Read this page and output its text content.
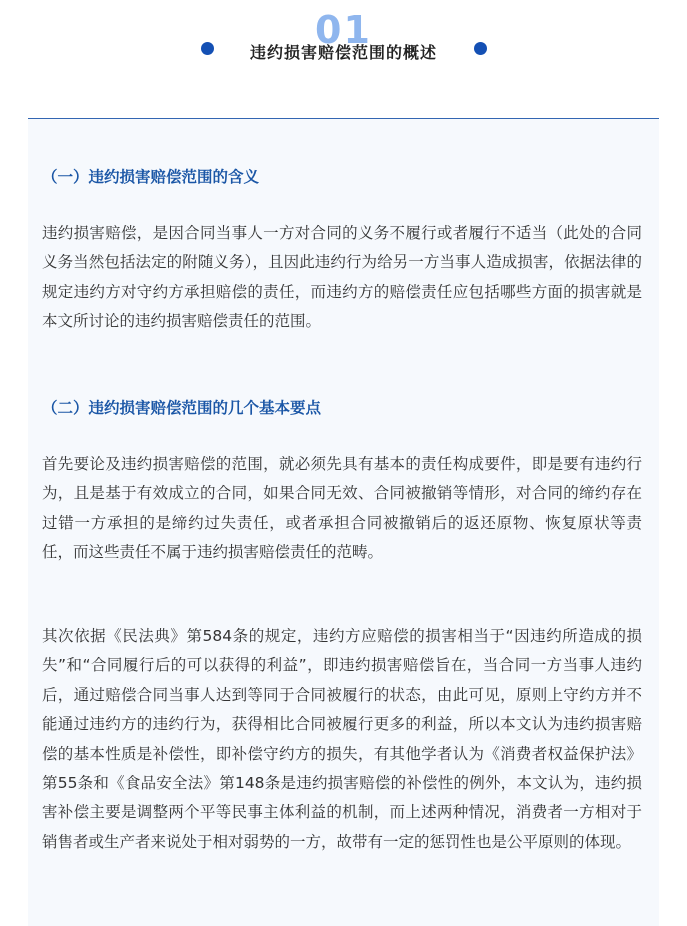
01
违约损害赔偿范围的概述
（一）违约损害赔偿范围的含义

违约损害赔偿，是因合同当事人一方对合同的义务不履行或者履行不适当（此处的合同义务当然包括法定的附随义务），且因此违约行为给另一方当事人造成损害，依据法律的规定违约方对守约方承担赔偿的责任，而违约方的赔偿责任应包括哪些方面的损害就是本文所讨论的违约损害赔偿责任的范围。

（二）违约损害赔偿范围的几个基本要点

首先要论及违约损害赔偿的范围，就必须先具有基本的责任构成要件，即是要有违约行为，且是基于有效成立的合同，如果合同无效、合同被撤销等情形，对合同的缔约存在过错一方承担的是缔约过失责任，或者承担合同被撤销后的返还原物、恢复原状等责任，而这些责任不属于违约损害赔偿责任的范畴。

其次依据《民法典》第584条的规定，违约方应赔偿的损害相当于“因违约所造成的损失”和“合同履行后的可以获得的利益”，即违约损害赔偿旨在，当合同一方当事人违约后，通过赔偿合同当事人达到等同于合同被履行的状态，由此可见，原则上守约方并不能通过违约方的违约行为，获得相比合同被履行更多的利益，所以本文认为违约损害赔偿的基本性质是补偿性，即补偿守约方的损失，有其他学者认为《消费者权益保护法》第55条和《食品安全法》第148条是违约损害赔偿的补偿性的例外，本文认为，违约损害补偿主要是调整两个平等民事主体利益的机制，而上述两种情况，消费者一方相对于销售者或生产者来说处于相对弱势的一方，故带有一定的惩罚性也是公平原则的体现。
